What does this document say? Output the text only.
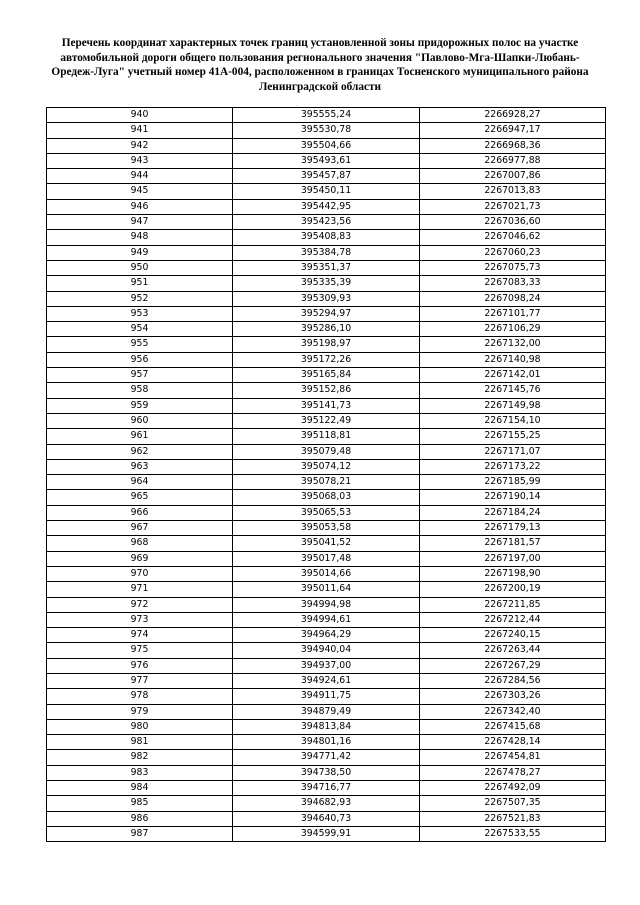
Перечень координат характерных точек границ установленной зоны придорожных полос на участке автомобильной дороги общего пользования регионального значения "Павлово-Мга-Шапки-Любань-Оредеж-Луга" учетный номер 41А-004, расположенном в границах Тосненского муниципального района Ленинградской области
940	395555,24	2266928,27
941	395530,78	2266947,17
942	395504,66	2266968,36
943	395493,61	2266977,88
944	395457,87	2267007,86
945	395450,11	2267013,83
946	395442,95	2267021,73
947	395423,56	2267036,60
948	395408,83	2267046,62
949	395384,78	2267060,23
950	395351,37	2267075,73
951	395335,39	2267083,33
952	395309,93	2267098,24
953	395294,97	2267101,77
954	395286,10	2267106,29
955	395198,97	2267132,00
956	395172,26	2267140,98
957	395165,84	2267142,01
958	395152,86	2267145,76
959	395141,73	2267149,98
960	395122,49	2267154,10
961	395118,81	2267155,25
962	395079,48	2267171,07
963	395074,12	2267173,22
964	395078,21	2267185,99
965	395068,03	2267190,14
966	395065,53	2267184,24
967	395053,58	2267179,13
968	395041,52	2267181,57
969	395017,48	2267197,00
970	395014,66	2267198,90
971	395011,64	2267200,19
972	394994,98	2267211,85
973	394994,61	2267212,44
974	394964,29	2267240,15
975	394940,04	2267263,44
976	394937,00	2267267,29
977	394924,61	2267284,56
978	394911,75	2267303,26
979	394879,49	2267342,40
980	394813,84	2267415,68
981	394801,16	2267428,14
982	394771,42	2267454,81
983	394738,50	2267478,27
984	394716,77	2267492,09
985	394682,93	2267507,35
986	394640,73	2267521,83
987	394599,91	2267533,55
